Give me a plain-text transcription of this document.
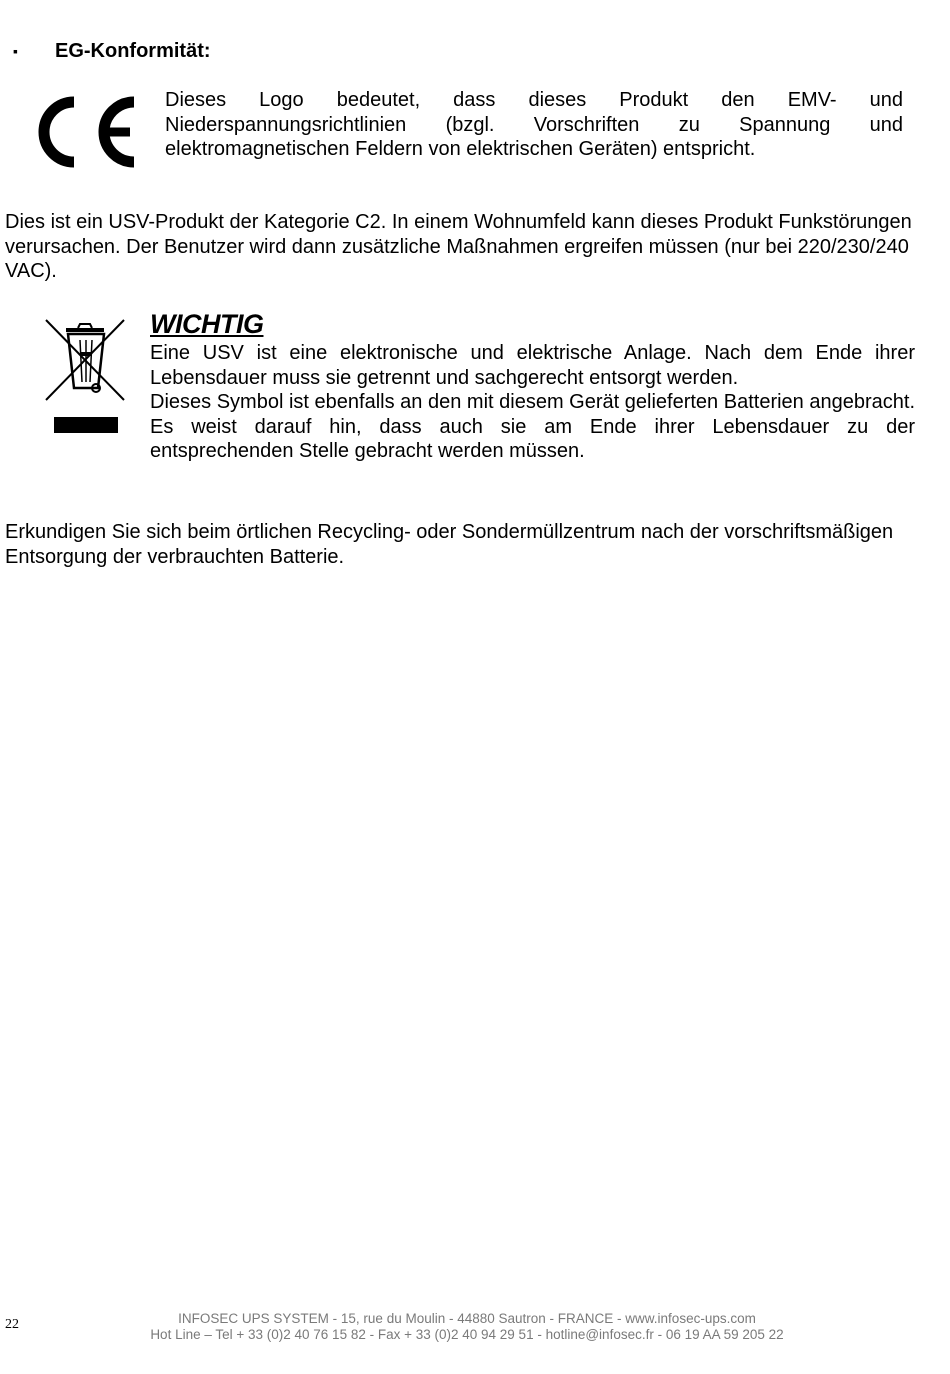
▪ EG-Konformität:
Dieses Logo bedeutet, dass dieses Produkt den EMV- und Niederspannungsrichtlinien (bzgl. Vorschriften zu Spannung und elektromagnetischen Feldern von elektrischen Geräten) entspricht.
Dies ist ein USV-Produkt der Kategorie C2. In einem Wohnumfeld kann dieses Produkt Funkstörungen verursachen. Der Benutzer wird dann zusätzliche Maßnahmen ergreifen müssen (nur bei 220/230/240 VAC).
WICHTIG

Eine USV ist eine elektronische und elektrische Anlage. Nach dem Ende ihrer Lebensdauer muss sie getrennt und sachgerecht entsorgt werden.

Dieses Symbol ist ebenfalls an den mit diesem Gerät gelieferten Batterien angebracht. Es weist darauf hin, dass auch sie am Ende ihrer Lebensdauer zu der entsprechenden Stelle gebracht werden müssen.

Erkundigen Sie sich beim örtlichen Recycling- oder Sondermüllzentrum nach der vorschriftsmäßigen Entsorgung der verbrauchten Batterie.
22	INFOSEC UPS SYSTEM - 15, rue du Moulin - 44880 Sautron - FRANCE - www.infosec-ups.com
Hot Line – Tel + 33 (0)2 40 76 15 82 - Fax + 33 (0)2 40 94 29 51 - hotline@infosec.fr - 06 19 AA 59 205 22
